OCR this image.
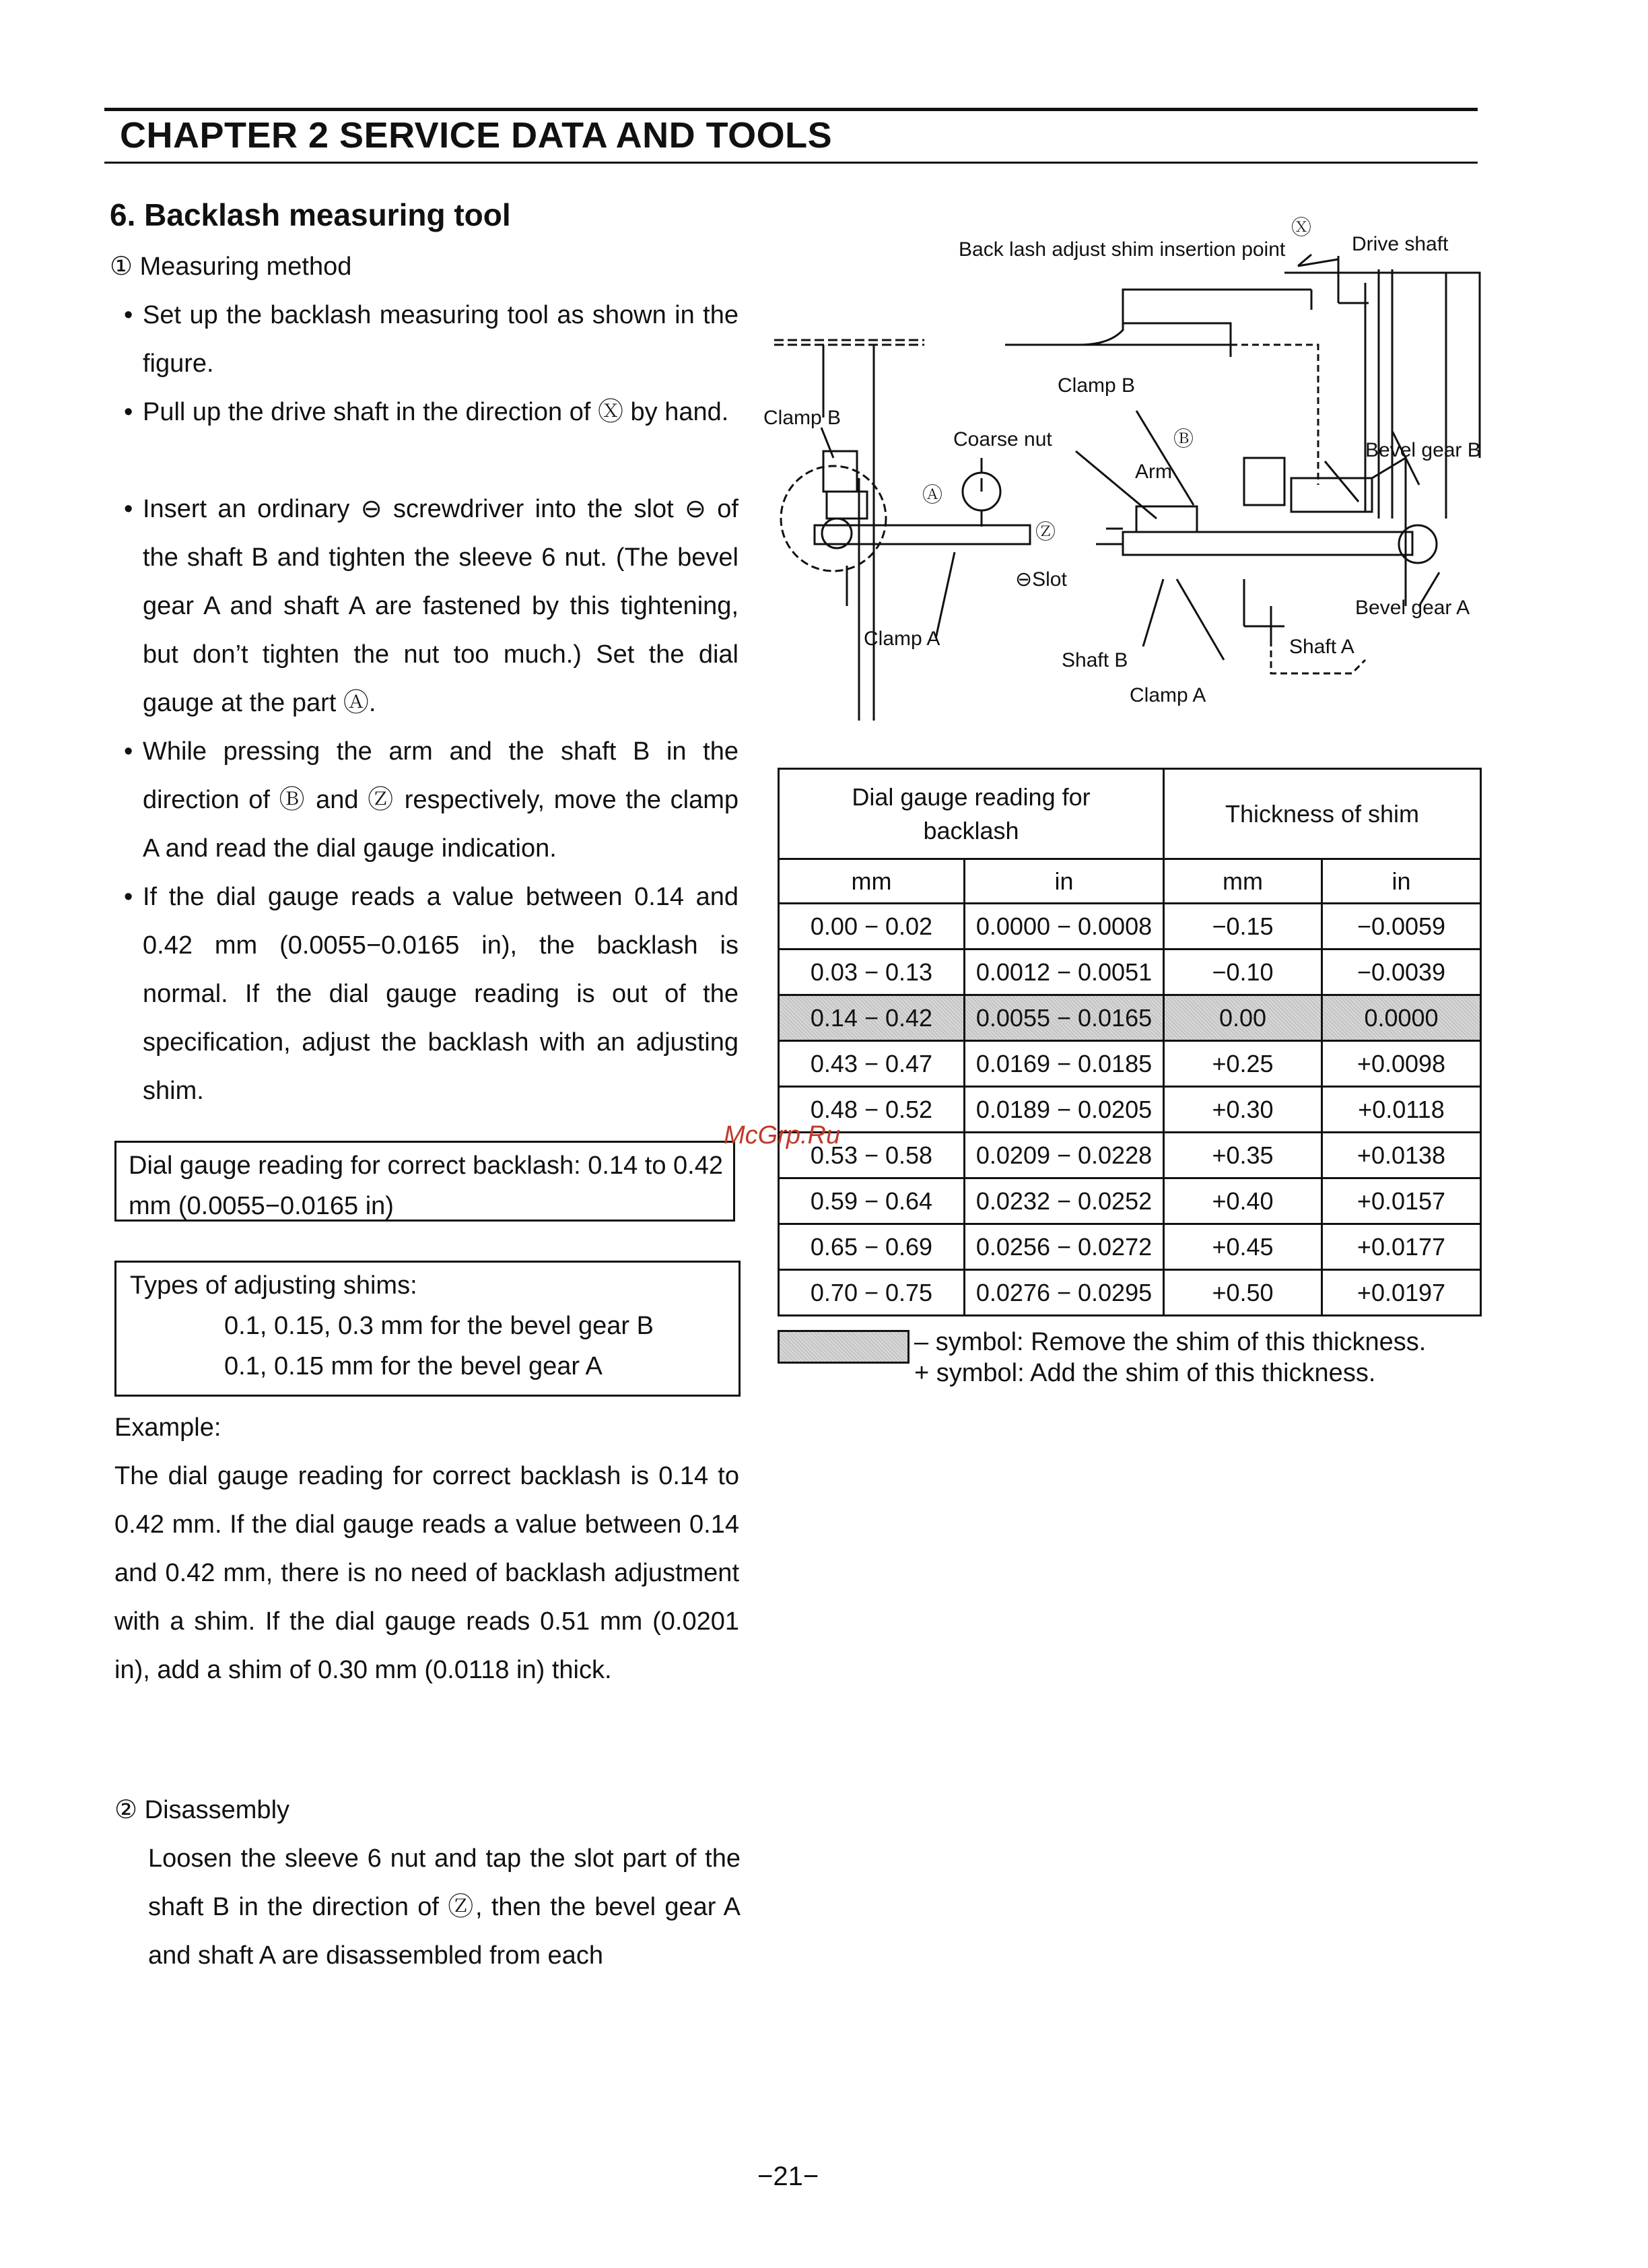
CHAPTER 2 SERVICE DATA AND TOOLS
6. Backlash measuring tool
① Measuring method
• Set up the backlash measuring tool as shown in the figure.
• Pull up the drive shaft in the direction of Ⓧ by hand.
• Insert an ordinary ⊖ screwdriver into the slot ⊖ of the shaft B and tighten the sleeve 6 nut. (The bevel gear A and shaft A are fastened by this tightening, but don’t tighten the nut too much.) Set the dial gauge at the part Ⓐ.
• While pressing the arm and the shaft B in the direction of Ⓑ and Ⓩ respectively, move the clamp A and read the dial gauge indication.
• If the dial gauge reads a value between 0.14 and 0.42 mm (0.0055−0.0165 in), the backlash is normal. If the dial gauge reading is out of the specification, adjust the backlash with an adjusting shim.
Dial gauge reading for correct backlash: 0.14 to 0.42 mm (0.0055−0.0165 in)
Types of adjusting shims:
0.1, 0.15, 0.3 mm for the bevel gear B
0.1, 0.15 mm for the bevel gear A
Example:
The dial gauge reading for correct backlash is 0.14 to 0.42 mm. If the dial gauge reads a value between 0.14 and 0.42 mm, there is no need of backlash adjustment with a shim. If the dial gauge reads 0.51 mm (0.0201 in), add a shim of 0.30 mm (0.0118 in) thick.
② Disassembly
Loosen the sleeve 6 nut and tap the slot part of the shaft B in the direction of Ⓩ, then the bevel gear A and shaft A are disassembled from each
Ⓧ
Drive shaft
Back lash adjust shim insertion point
Clamp B
Clamp B
Coarse nut	Ⓑ
Arm
Bevel gear B
Ⓐ
Ⓩ
⊖Slot
Bevel gear A
Clamp A	Shaft A
Shaft B
Clamp A
Dial gauge reading for backlash		Thickness of shim	
mm	in	mm	in
0.00 − 0.02	0.0000 − 0.0008	−0.15	−0.0059
0.03 − 0.13	0.0012 − 0.0051	−0.10	−0.0039
0.14 − 0.42	0.0055 − 0.0165	0.00	0.0000
0.43 − 0.47	0.0169 − 0.0185	+0.25	+0.0098
0.48 − 0.52	0.0189 − 0.0205	+0.30	+0.0118
0.53 − 0.58	0.0209 − 0.0228	+0.35	+0.0138
0.59 − 0.64	0.0232 − 0.0252	+0.40	+0.0157
0.65 − 0.69	0.0256 − 0.0272	+0.45	+0.0177
0.70 − 0.75	0.0276 − 0.0295	+0.50	+0.0197
– symbol: Remove the shim of this thickness.
+ symbol: Add the shim of this thickness.
McGrp.Ru
−21−
